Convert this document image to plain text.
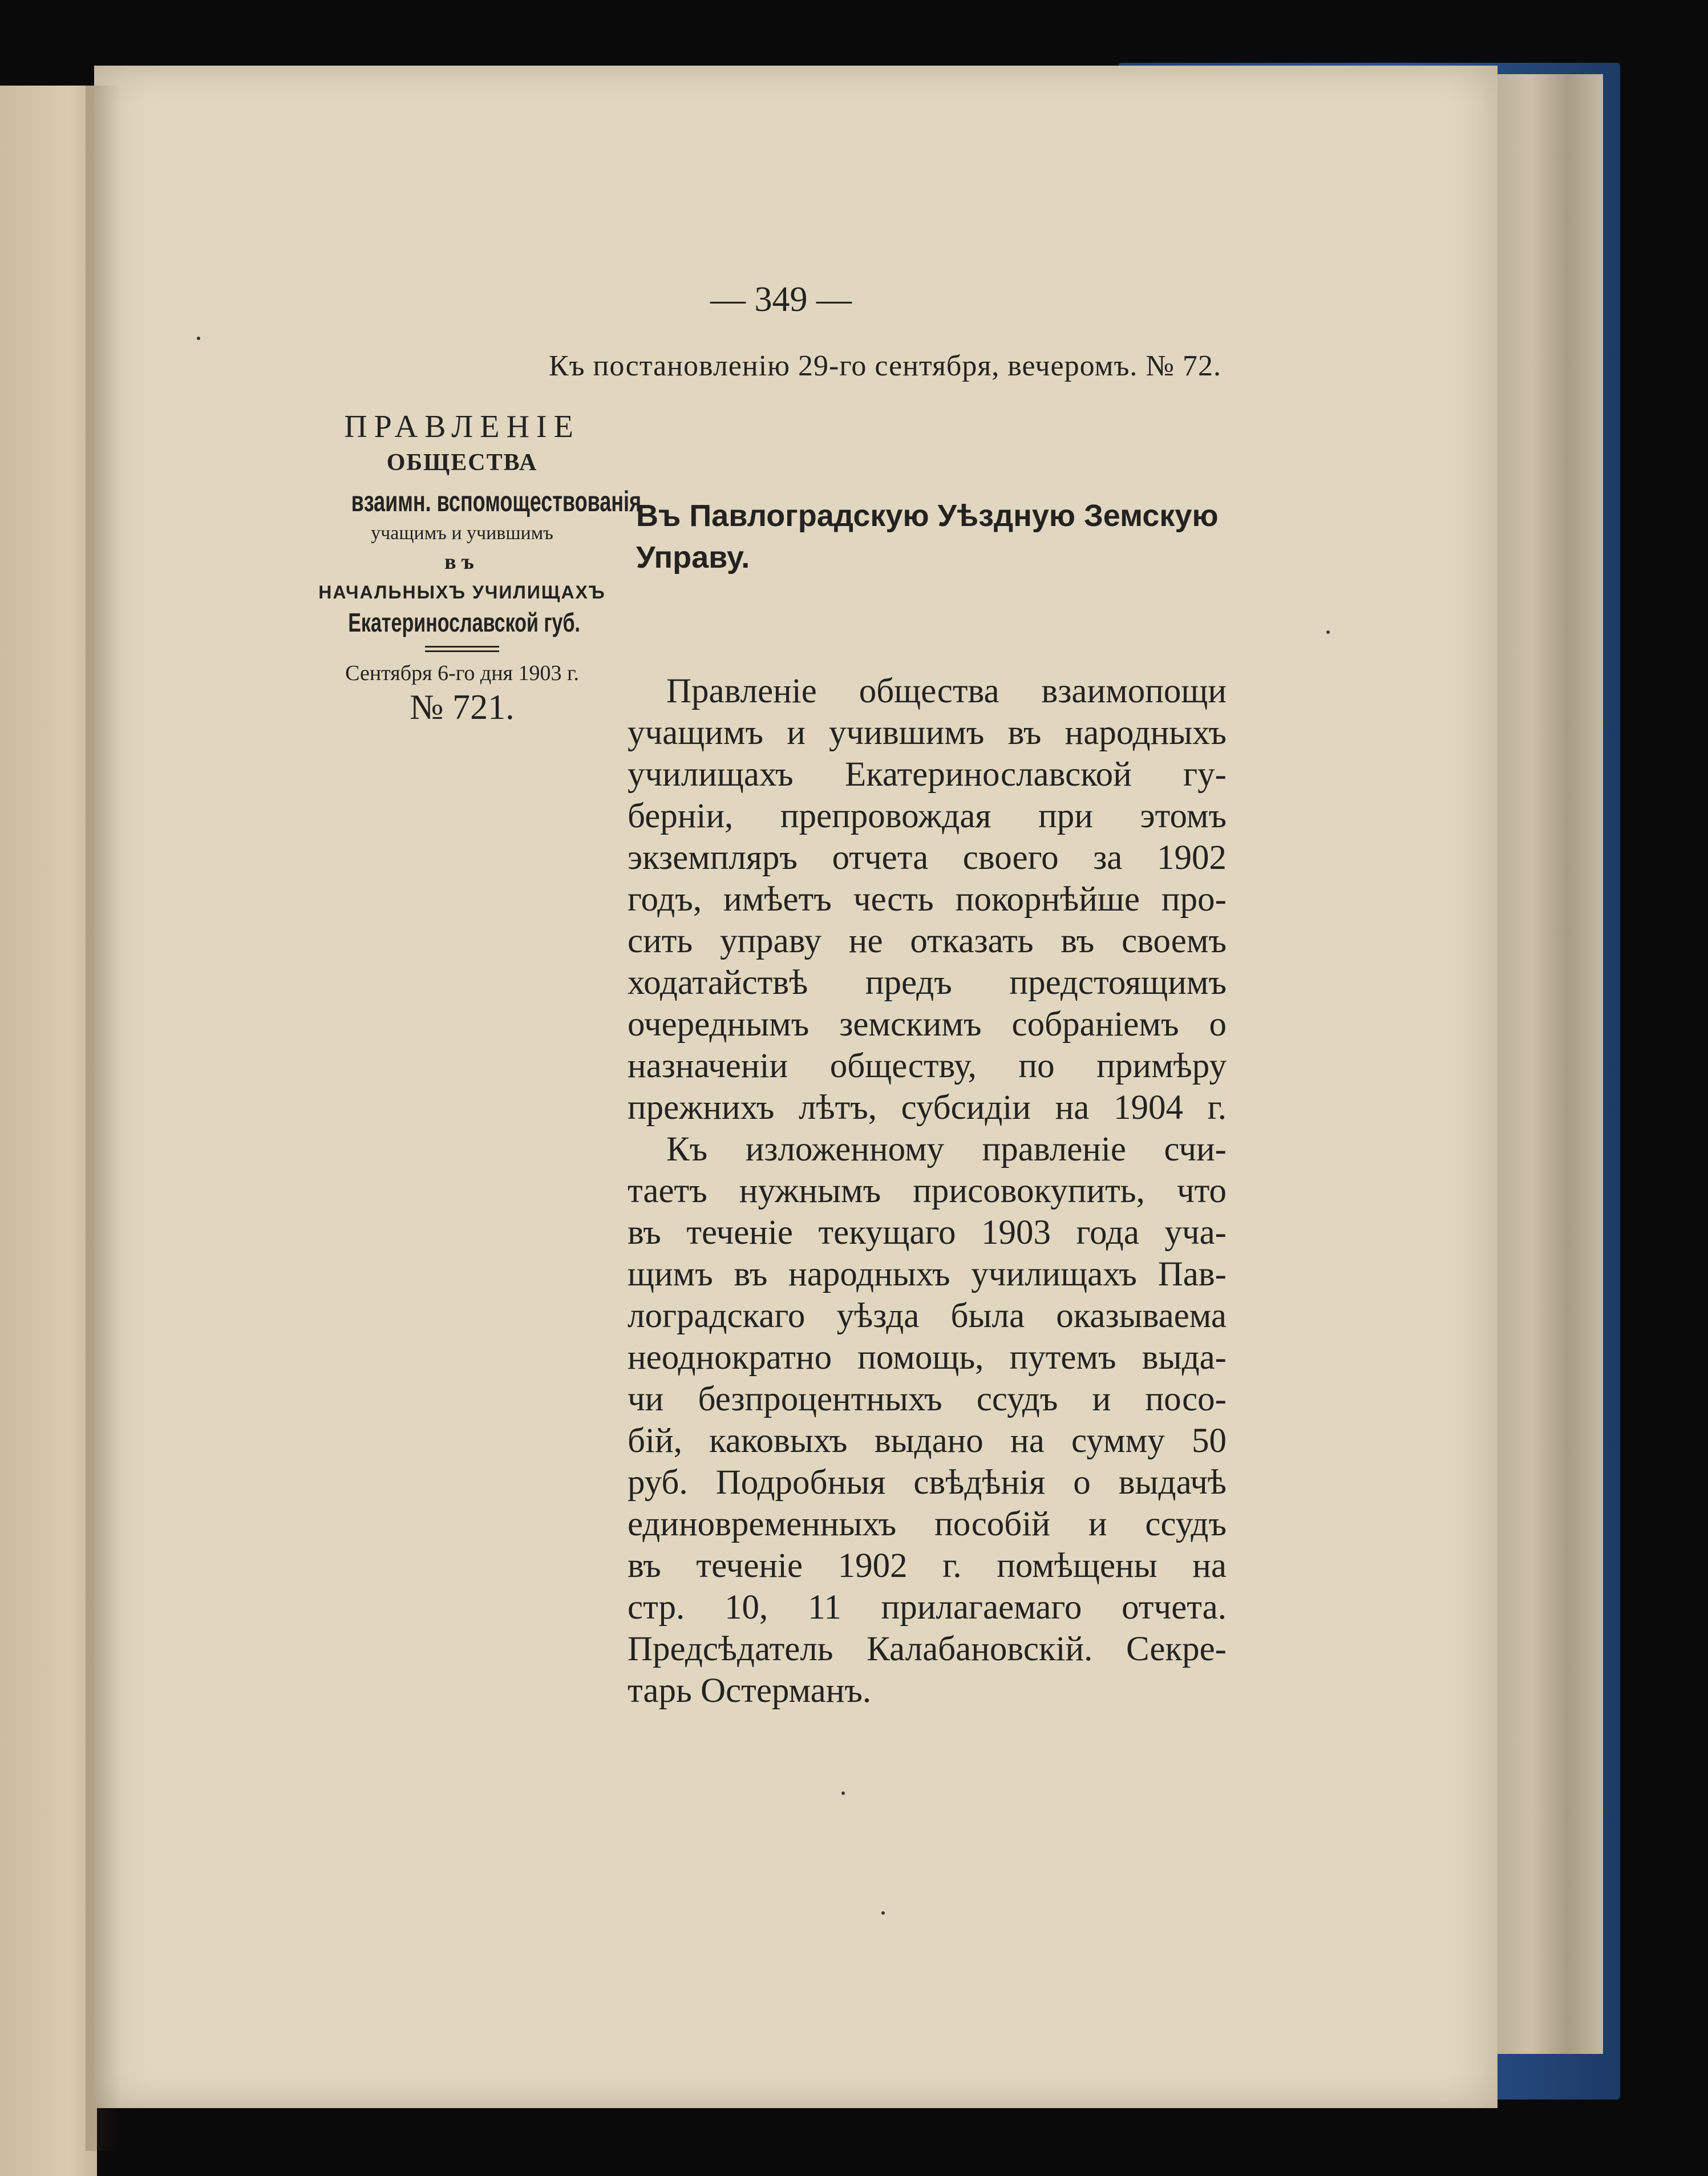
— 349 —
Къ постановленію 29-го сентября, вечеромъ. № 72.
ПРАВЛЕНІЕ
ОБЩЕСТВА
взаимн. вспомоществованія
учащимъ и учившимъ
въ
НАЧАЛЬНЫХЪ УЧИЛИЩАХЪ
Екатеринославской губ.
Сентября 6-го дня 1903 г.
№ 721.
Въ Павлоградскую Уѣздную Земскую
Управу.
Правленіе общества взаимопощи
учащимъ и учившимъ въ народныхъ
училищахъ Екатеринославской гу-
берніи, препровождая при этомъ
экземпляръ отчета своего за 1902
годъ, имѣетъ честь покорнѣйше про-
сить управу не отказать въ своемъ
ходатайствѣ предъ предстоящимъ
очереднымъ земскимъ собраніемъ о
назначеніи обществу, по примѣру
прежнихъ лѣтъ, субсидіи на 1904 г.
Къ изложенному правленіе счи-
таетъ нужнымъ присовокупить, что
въ теченіе текущаго 1903 года уча-
щимъ въ народныхъ училищахъ Пав-
лоградскаго уѣзда была оказываема
неоднократно помощь, путемъ выда-
чи безпроцентныхъ ссудъ и посо-
бій, каковыхъ выдано на сумму 50
руб. Подробныя свѣдѣнія о выдачѣ
единовременныхъ пособій и ссудъ
въ теченіе 1902 г. помѣщены на
стр. 10, 11 прилагаемаго отчета.
Предсѣдатель Калабановскій. Секре-
тарь Остерманъ.
